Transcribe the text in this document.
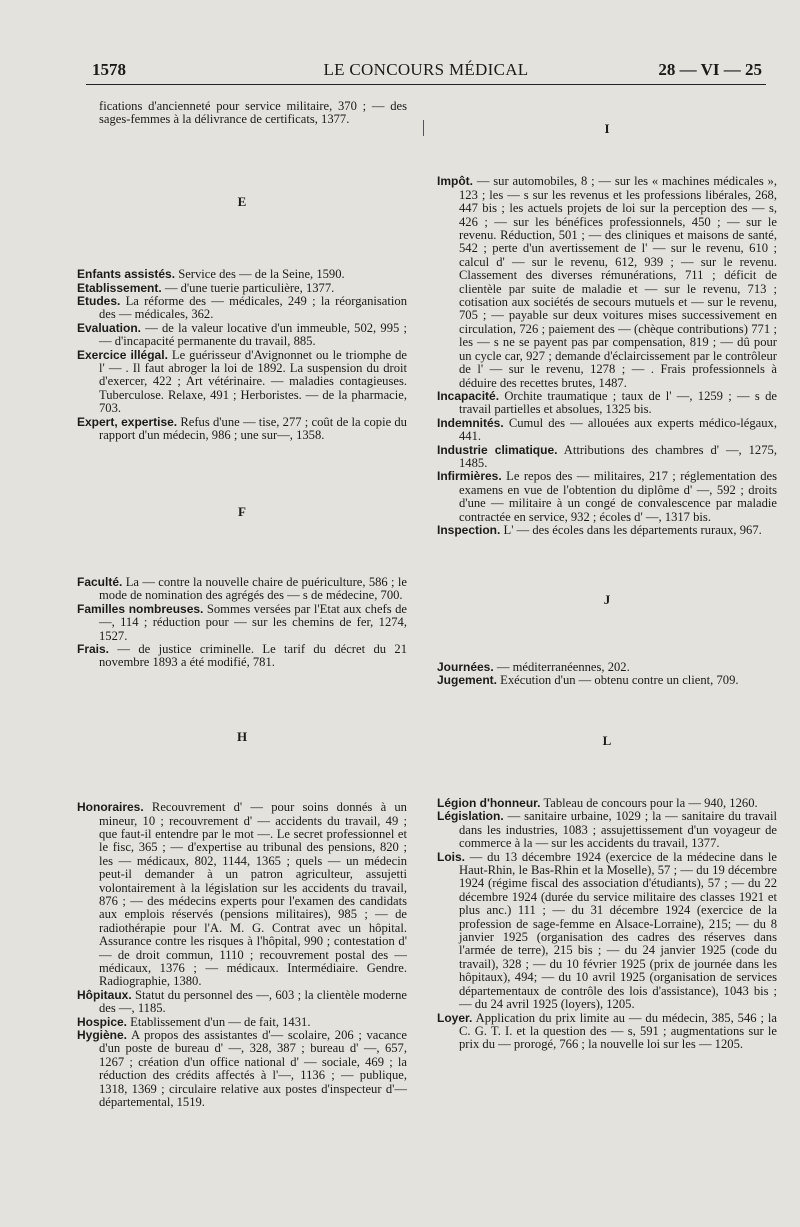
1578	LE CONCOURS MÉDICAL	28 — VI — 25

fications d'ancienneté pour service militaire, 370 ; — des sages-femmes à la délivrance de certificats, 1377.

E

Enfants assistés. Service des — de la Seine, 1590.

Etablissement. — d'une tuerie particulière, 1377.

Etudes. La réforme des — médicales, 249 ; la réorganisation des — médicales, 362.

Evaluation. — de la valeur locative d'un immeuble, 502, 995 ; — d'incapacité permanente du travail, 885.

Exercice illégal. Le guérisseur d'Avignonnet ou le triomphe de l' — . Il faut abroger la loi de 1892. La suspension du droit d'exercer, 422 ; Art vétérinaire. — maladies contagieuses. Tuberculose. Relaxe, 491 ; Herboristes. — de la pharmacie, 703.

Expert, expertise. Refus d'une — tise, 277 ; coût de la copie du rapport d'un médecin, 986 ; une sur—, 1358.

F

Faculté. La — contre la nouvelle chaire de puériculture, 586 ; le mode de nomination des agrégés des — s de médecine, 700.

Familles nombreuses. Sommes versées par l'Etat aux chefs de —, 114 ; réduction pour — sur les chemins de fer, 1274, 1527.

Frais. — de justice criminelle. Le tarif du décret du 21 novembre 1893 a été modifié, 781.

H

Honoraires. Recouvrement d' — pour soins donnés à un mineur, 10 ; recouvrement d' — accidents du travail, 49 ; que faut-il entendre par le mot —. Le secret professionnel et le fisc, 365 ; — d'expertise au tribunal des pensions, 820 ; les — médicaux, 802, 1144, 1365 ; quels — un médecin peut-il demander à un patron agriculteur, assujetti volontairement à la législation sur les accidents du travail, 876 ; — des médecins experts pour l'examen des candidats aux emplois réservés (pensions militaires), 985 ; — de radiothérapie pour l'A. M. G. Contrat avec un hôpital. Assurance contre les risques à l'hôpital, 990 ; contestation d' — de droit commun, 1110 ; recouvrement postal des — médicaux, 1376 ; — médicaux. Intermédiaire. Gendre. Radiographie, 1380.

Hôpitaux. Statut du personnel des —, 603 ; la clientèle moderne des —, 1185.

Hospice. Etablissement d'un — de fait, 1431.

Hygiène. A propos des assistantes d'— scolaire, 206 ; vacance d'un poste de bureau d' —, 328, 387 ; bureau d' —, 657, 1267 ; création d'un office national d' — sociale, 469 ; la réduction des crédits affectés à l'—, 1136 ; — publique, 1318, 1369 ; circulaire relative aux postes d'inspecteur d'— départemental, 1519.

I

Impôt. — sur automobiles, 8 ; — sur les « machines médicales », 123 ; les — s sur les revenus et les professions libérales, 268, 447 bis ; les actuels projets de loi sur la perception des — s, 426 ; — sur les bénéfices professionnels, 450 ; — sur le revenu. Réduction, 501 ; — des cliniques et maisons de santé, 542 ; perte d'un avertissement de l' — sur le revenu, 610 ; calcul d' — sur le revenu, 612, 939 ; — sur le revenu. Classement des diverses rémunérations, 711 ; déficit de clientèle par suite de maladie et — sur le revenu, 713 ; cotisation aux sociétés de secours mutuels et — sur le revenu, 705 ; — payable sur deux voitures mises successivement en circulation, 726 ; paiement des — (chèque contributions) 771 ; les — s ne se payent pas par compensation, 819 ; — dû pour un cycle car, 927 ; demande d'éclaircissement par le contrôleur de l' — sur le revenu, 1278 ; — . Frais professionnels à déduire des recettes brutes, 1487.

Incapacité. Orchite traumatique ; taux de l' —, 1259 ; — s de travail partielles et absolues, 1325 bis.

Indemnités. Cumul des — allouées aux experts médico-légaux, 441.

Industrie climatique. Attributions des chambres d' —, 1275, 1485.

Infirmières. Le repos des — militaires, 217 ; réglementation des examens en vue de l'obtention du diplôme d' —, 592 ; droits d'une — militaire à un congé de convalescence par maladie contractée en service, 932 ; écoles d' —, 1317 bis.

Inspection. L' — des écoles dans les départements ruraux, 967.

J

Journées. — méditerranéennes, 202.

Jugement. Exécution d'un — obtenu contre un client, 709.

L

Légion d'honneur. Tableau de concours pour la — 940, 1260.

Législation. — sanitaire urbaine, 1029 ; la — sanitaire du travail dans les industries, 1083 ; assujettissement d'un voyageur de commerce à la — sur les accidents du travail, 1377.

Lois. — du 13 décembre 1924 (exercice de la médecine dans le Haut-Rhin, le Bas-Rhin et la Moselle), 57 ; — du 19 décembre 1924 (régime fiscal des association d'étudiants), 57 ; — du 22 décembre 1924 (durée du service militaire des classes 1921 et plus anc.) 111 ; — du 31 décembre 1924 (exercice de la profession de sage-femme en Alsace-Lorraine), 215; — du 8 janvier 1925 (organisation des cadres des réserves dans l'armée de terre), 215 bis ; — du 24 janvier 1925 (code du travail), 328 ; — du 10 février 1925 (prix de journée dans les hôpitaux), 494; — du 10 avril 1925 (organisation de services départementaux de contrôle des lois d'assistance), 1043 bis ; — du 24 avril 1925 (loyers), 1205.

Loyer. Application du prix limite au — du médecin, 385, 546 ; la C. G. T. I. et la question des — s, 591 ; augmentations sur le prix du — prorogé, 766 ; la nouvelle loi sur les — 1205.
